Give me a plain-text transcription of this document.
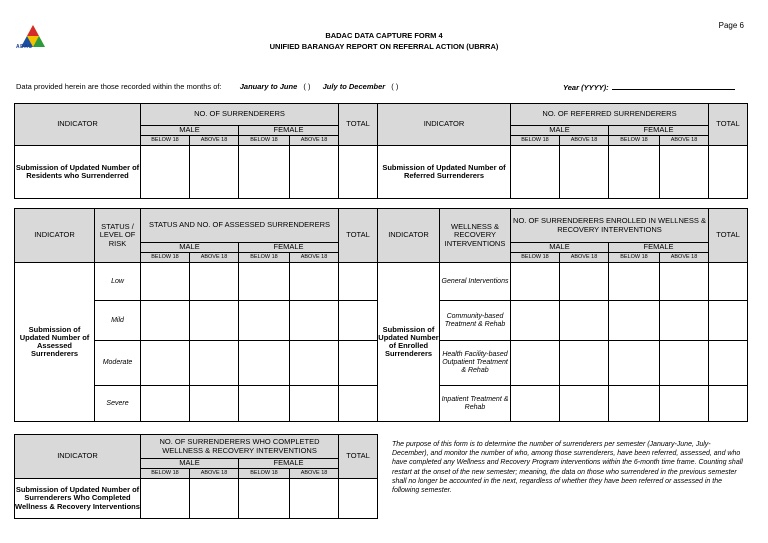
ADAC
Page 6
BADAC DATA CAPTURE FORM 4
UNIFIED BARANGAY REPORT ON REFERRAL ACTION (UBRRA)
Data provided herein are those recorded within the months of: January to June ( ) July to December ( )	Year (YYYY):
INDICATOR	NO. OF SURRENDERERS				TOTAL
	MALE		FEMALE		
	BELOW 18	ABOVE 18	BELOW 18	ABOVE 18	
Submission of Updated Number of Residents who Surrenderred					
INDICATOR	NO. OF REFERRED SURRENDERERS				TOTAL
	MALE		FEMALE		
	BELOW 18	ABOVE 18	BELOW 18	ABOVE 18	
Submission of Updated Number of Referred Surrenderers					
INDICATOR	STATUS / LEVEL OF RISK	STATUS AND NO. OF ASSESSED SURRENDERERS				TOTAL
		MALE		FEMALE		
		BELOW 18	ABOVE 18	BELOW 18	ABOVE 18	
Submission of Updated Number of Assessed Surrenderers	Low					
	Mild					
	Moderate					
	Severe					
INDICATOR	WELLNESS & RECOVERY INTERVENTIONS	NO. OF SURRENDERERS ENROLLED IN WELLNESS & RECOVERY INTERVENTIONS				TOTAL
		MALE		FEMALE		
		BELOW 18	ABOVE 18	BELOW 18	ABOVE 18	
Submission of Updated Number of Enrolled Surrenderers	General Interventions					
	Community-based Treatment & Rehab					
	Health Facility-based Outpatient Treatment & Rehab					
	Inpatient Treatment & Rehab					
INDICATOR	NO. OF SURRENDERERS WHO COMPLETED WELLNESS & RECOVERY INTERVENTIONS				TOTAL
	MALE		FEMALE		
	BELOW 18	ABOVE 18	BELOW 18	ABOVE 18	
Submission of Updated Number of Surrenderers Who Completed Wellness & Recovery Interventions					
The purpose of this form is to determine the number of surrenderers per semester (January-June, July-December), and monitor the number of who, among those surrenderers, have been referred, assessed, and who have completed any Wellness and Recovery Program interventions within the 6-month time frame. Counting shall restart at the onset of the new semester; meaning, the data on those who surrendered in the previous semester shall no longer be accounted in the next, regardless of whether they have been referred or assessed in the following semester.
